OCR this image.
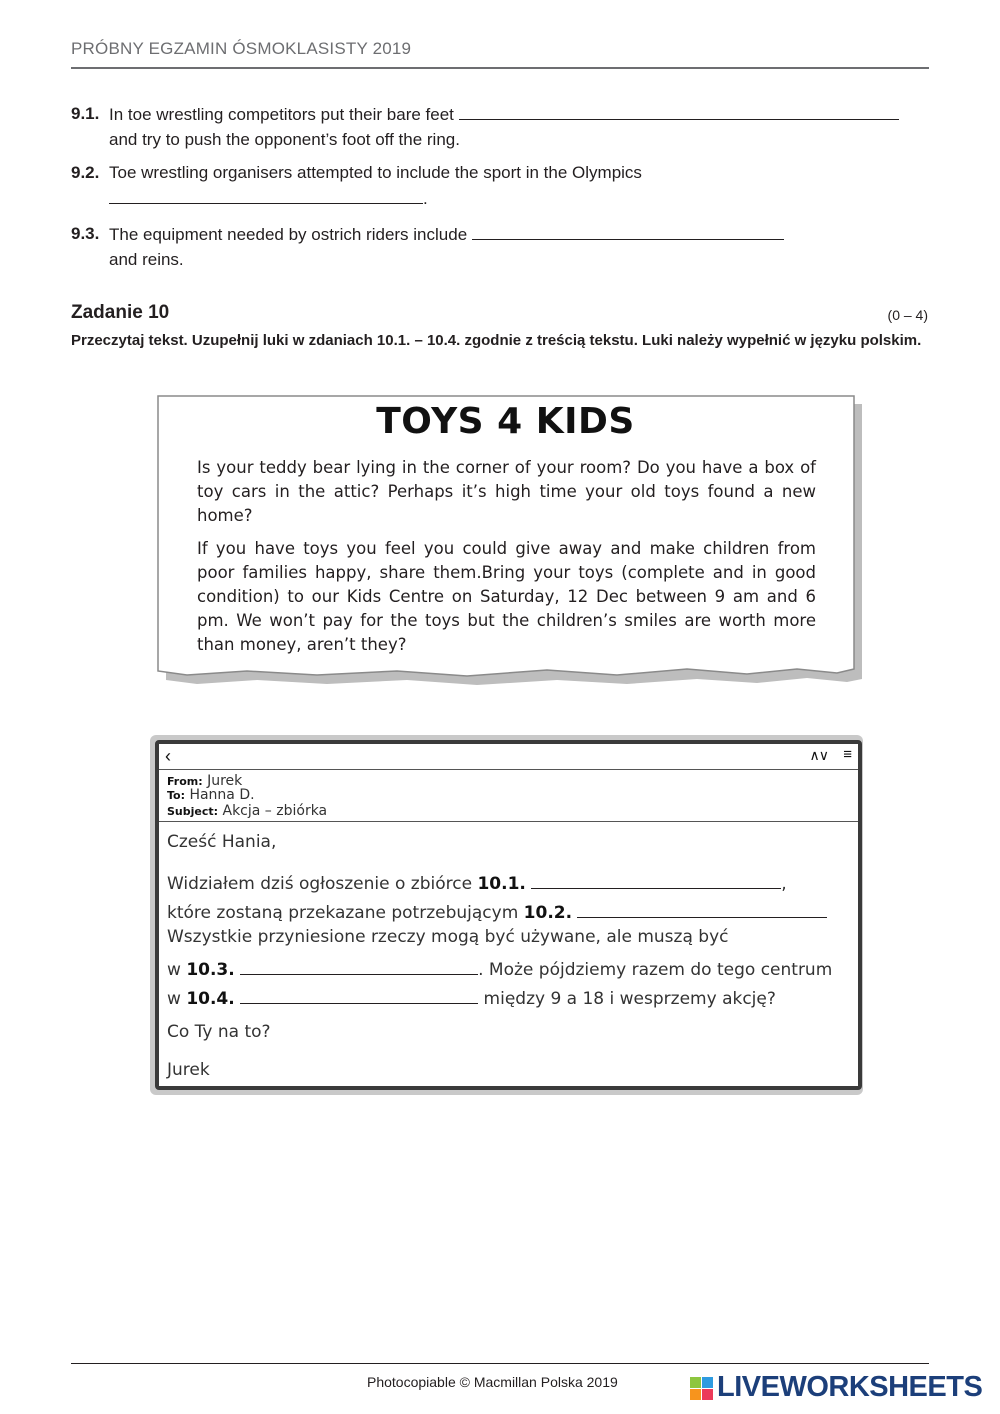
PRÓBNY EGZAMIN ÓSMOKLASISTY 2019
9.1. In toe wrestling competitors put their bare feet
and try to push the opponent’s foot off the ring.
9.2. Toe wrestling organisers attempted to include the sport in the Olympics
.
9.3. The equipment needed by ostrich riders include
and reins.
Zadanie 10	(0 – 4)
Przeczytaj tekst. Uzupełnij luki w zdaniach 10.1. – 10.4. zgodnie z treścią tekstu. Luki należy wypełnić w języku polskim.
TOYS 4 KIDS
Is your teddy bear lying in the corner of your room? Do you have a box of toy cars in the attic? Perhaps it’s high time your old toys found a new home?
If you have toys you feel you could give away and make children from poor families happy, share them.Bring your toys (complete and in good condition) to our Kids Centre on Saturday, 12 Dec between 9 am and 6 pm. We won’t pay for the toys but the children’s smiles are worth more than money, aren’t they?
‹	∧∨ ≡
From: Jurek
To: Hanna D.
Subject: Akcja – zbiórka
Cześć Hania,
Widziałem dziś ogłoszenie o zbiórce 10.1.	,
które zostaną przekazane potrzebującym 10.2.
Wszystkie przyniesione rzeczy mogą być używane, ale muszą być
w 10.3.	. Może pójdziemy razem do tego centrum
w 10.4.	między 9 a 18 i wesprzemy akcję?
Co Ty na to?
Jurek
Photocopiable © Macmillan Polska 2019	LIVEWORKSHEETS
